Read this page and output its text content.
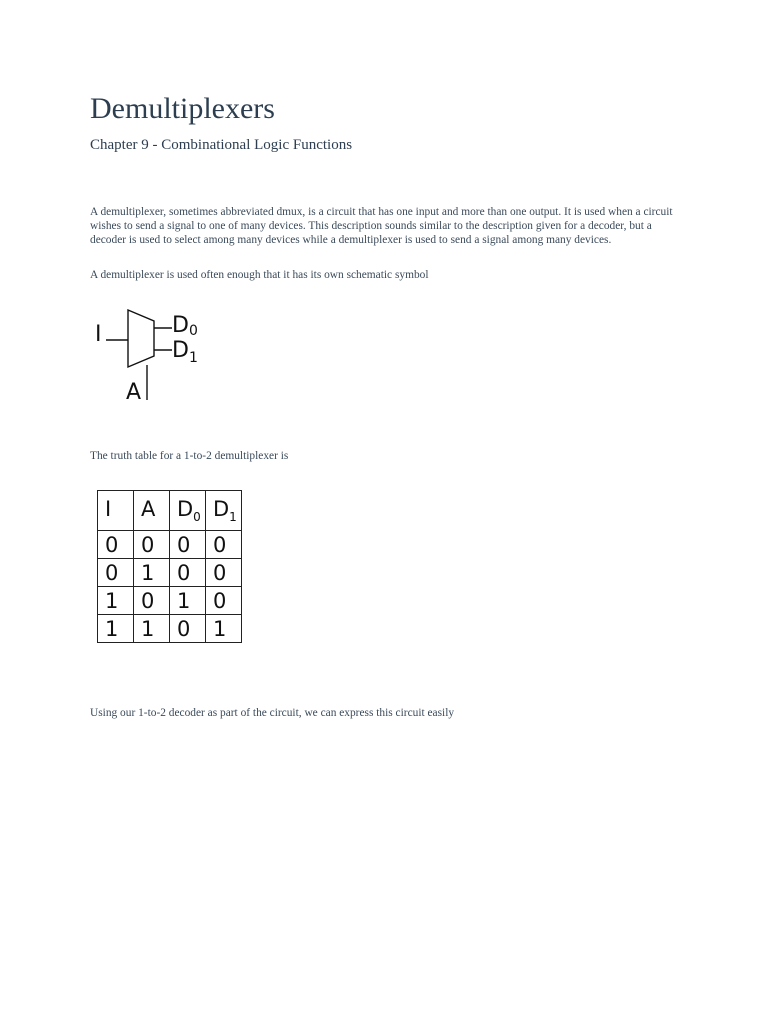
Demultiplexers

Chapter 9 - Combinational Logic Functions

A demultiplexer, sometimes abbreviated dmux, is a circuit that has one input and more than one output. It is used when a circuit wishes to send a signal to one of many devices. This description sounds similar to the description given for a decoder, but a decoder is used to select among many devices while a demultiplexer is used to send a signal among many devices.

A demultiplexer is used often enough that it has its own schematic symbol

I	D0
$D_1$
A

The truth table for a 1-to-2 demultiplexer is

I	A	$D_0$	$D_1$
0	0	0	0
0	1	0	0
1	0	1	0
1	1	0	1

Using our 1-to-2 decoder as part of the circuit, we can express this circuit easily
